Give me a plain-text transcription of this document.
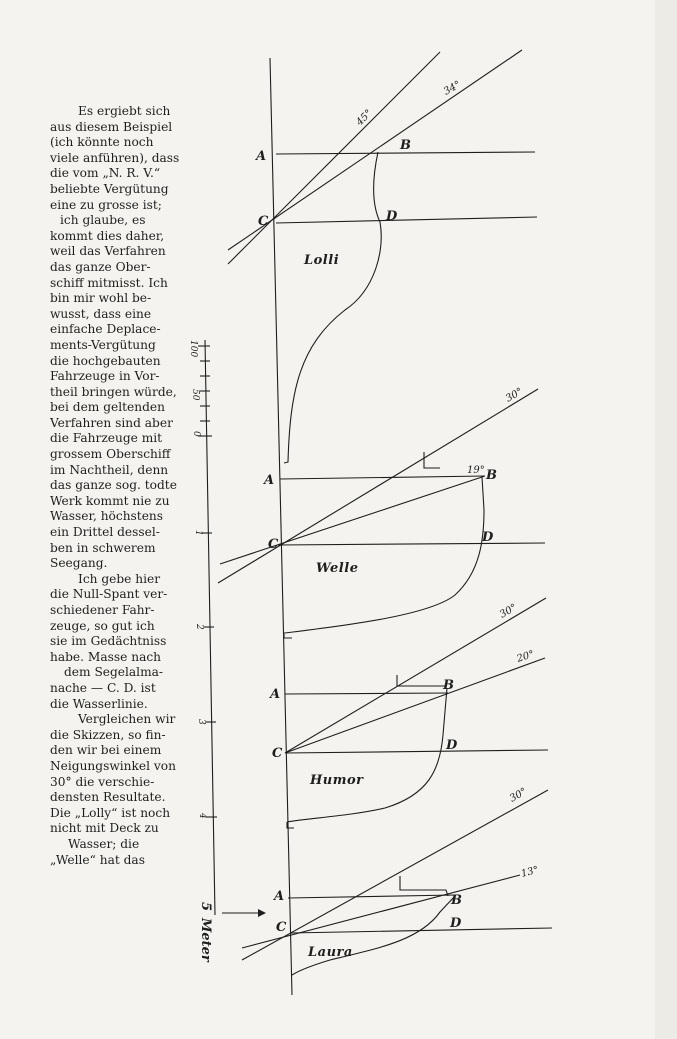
Es ergiebt sich
aus diesem Beispiel
(ich könnte noch
viele anführen), dass
die vom „N. R. V.“
beliebte Vergütung
eine zu grosse ist;
ich glaube, es
kommt dies daher,
weil das Verfahren
das ganze Ober-
schiff mitmisst. Ich
bin mir wohl be-
wusst, dass eine
einfache Deplace-
ments-Vergütung
die hochgebauten
Fahrzeuge in Vor-
theil bringen würde,
bei dem geltenden
Verfahren sind aber
die Fahrzeuge mit
grossem Oberschiff
im Nachtheil, denn
das ganze sog. todte
Werk kommt nie zu
Wasser, höchstens
ein Drittel dessel-
ben in schwerem
Seegang.
Ich gebe hier
die Null-Spant ver-
schiedener Fahr-
zeuge, so gut ich
sie im Gedächtniss
habe. Masse nach
dem Segelalma-
nache — C. D. ist
die Wasserlinie.
Vergleichen wir
die Skizzen, so fin-
den wir bei einem
Neigungswinkel von
30° die verschie-
densten Resultate.
Die „Lolly“ ist noch
nicht mit Deck zu
Wasser; die
„Welle“ hat das
A
B
C	D
45°
34°
Lolli
A	B
C	D
30°
19°
Welle
A
B
C
D
30°
20°
Humor
A	B
C	D
30°
13°
Laura
100
50
0
1
2
3
4
5
Meter
